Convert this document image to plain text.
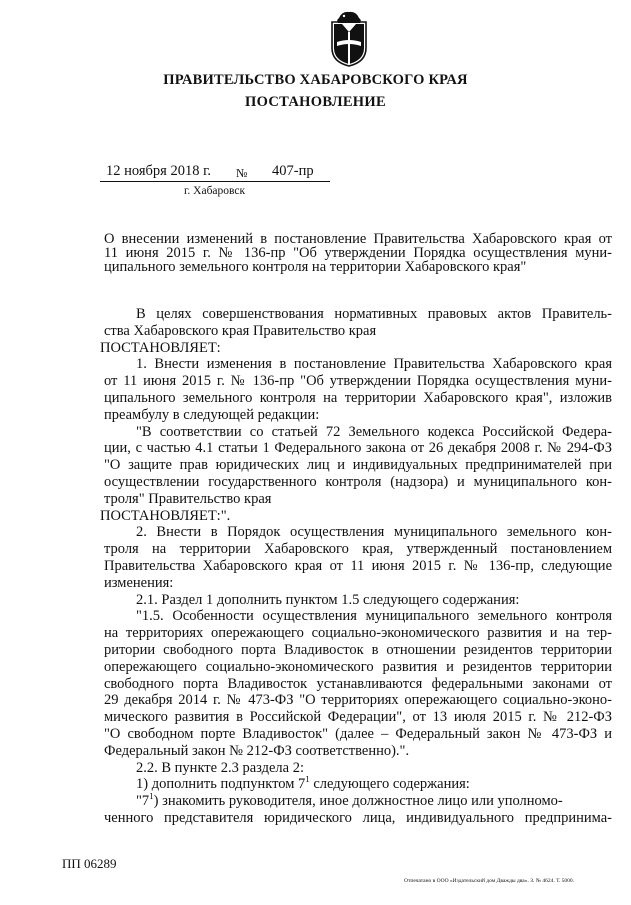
ПРАВИТЕЛЬСТВО ХАБАРОВСКОГО КРАЯ
ПОСТАНОВЛЕНИЕ
12 ноября 2018 г. № 407-пр
г. Хабаровск
О внесении изменений в постановление Правительства Хабаровского края от
11 июня 2015 г. № 136-пр "Об утверждении Порядка осуществления муни-
ципального земельного контроля на территории Хабаровского края"
В целях совершенствования нормативных правовых актов Правитель-
ства Хабаровского края Правительство края
ПОСТАНОВЛЯЕТ:
1. Внести изменения в постановление Правительства Хабаровского края
от 11 июня 2015 г. № 136-пр "Об утверждении Порядка осуществления муни-
ципального земельного контроля на территории Хабаровского края", изложив
преамбулу в следующей редакции:
"В соответствии со статьей 72 Земельного кодекса Российской Федера-
ции, с частью 4.1 статьи 1 Федерального закона от 26 декабря 2008 г. № 294-ФЗ
"О защите прав юридических лиц и индивидуальных предпринимателей при
осуществлении государственного контроля (надзора) и муниципального кон-
троля" Правительство края
ПОСТАНОВЛЯЕТ:".
2. Внести в Порядок осуществления муниципального земельного кон-
троля на территории Хабаровского края, утвержденный постановлением
Правительства Хабаровского края от 11 июня 2015 г. № 136-пр, следующие
изменения:
2.1. Раздел 1 дополнить пунктом 1.5 следующего содержания:
"1.5. Особенности осуществления муниципального земельного контроля
на территориях опережающего социально-экономического развития и на тер-
ритории свободного порта Владивосток в отношении резидентов территории
опережающего социально-экономического развития и резидентов территории
свободного порта Владивосток устанавливаются федеральными законами от
29 декабря 2014 г. № 473-ФЗ "О территориях опережающего социально-эконо-
мического развития в Российской Федерации", от 13 июля 2015 г. № 212-ФЗ
"О свободном порте Владивосток" (далее – Федеральный закон № 473-ФЗ и
Федеральный закон № 212-ФЗ соответственно).".
2.2. В пункте 2.3 раздела 2:
1) дополнить подпунктом $7^1$ следующего содержания:
"$7^1$) знакомить руководителя, иное должностное лицо или уполномо-
ченного представителя юридического лица, индивидуального предпринима-
ПП 06289
Отпечатано в ООО «Издательский дом Дважды два». З. № 4624. Т. 5000.
